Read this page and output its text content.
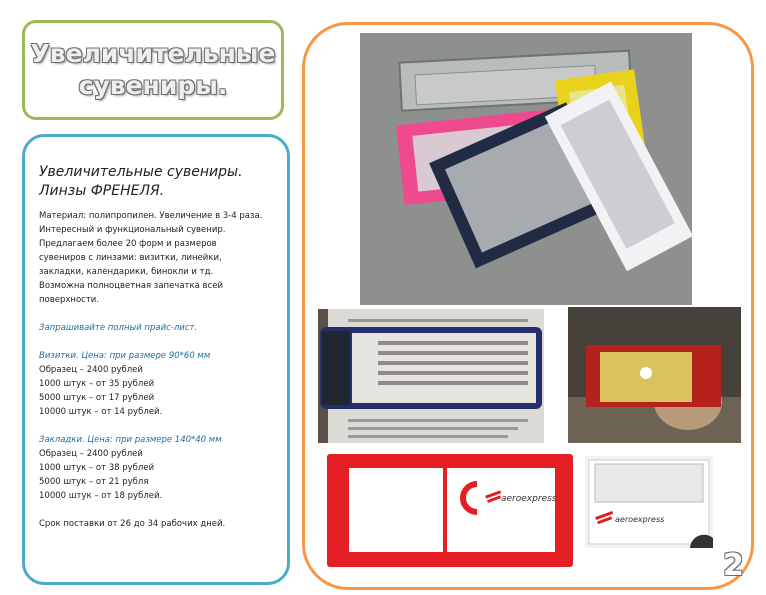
Увеличительные
сувениры.
Увеличительные сувениры.
Линзы ФРЕНЕЛЯ.
Материал: полипропилен. Увеличение в 3-4 раза.
Интересный и функциональный сувенир.
Предлагаем более 20 форм и размеров
сувениров с линзами: визитки, линейки,
закладки, календарики, бинокли и тд.
Возможна полноцветная запечатка всей
поверхности.
Запрашивайте полный прайс-лист.
Визитки. Цена: при размере 90*60 мм
Образец – 2400 рублей
1000 штук – от 35 рублей
5000 штук – от 17 рублей
10000 штук – от 14 рублей.
Закладки. Цена: при размере 140*40 мм
Образец – 2400 рублей
1000 штук – от 38 рублей
5000 штук – от 21 рубля
10000 штук – от 18 рублей.
Срок поставки от 26 до 34 рабочих дней.
aeroexpress
aeroexpress
2
